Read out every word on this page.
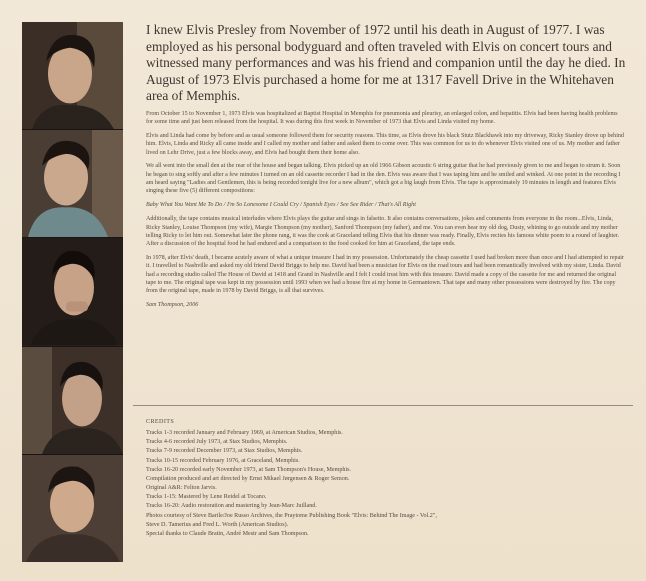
I knew Elvis Presley from November of 1972 until his death in August of 1977. I was employed as his personal bodyguard and often traveled with Elvis on concert tours and witnessed many performances and was his friend and companion until the day he died. In August of 1973 Elvis purchased a home for me at 1317 Favell Drive in the Whitehaven area of Memphis.

From October 15 to November 1, 1973 Elvis was hospitalized at Baptist Hospital in Memphis for pneumonia and pleurisy, an enlarged colon, and hepatitis. Elvis had been having health problems for some time and just been released from the hospital. It was during this first week in November of 1973 that Elvis and Linda visited my home.

Elvis and Linda had come by before and as usual someone followed them for security reasons. This time, as Elvis drove his black Stutz Blackhawk into my driveway, Ricky Stanley drove up behind him. Elvis, Linda and Ricky all came inside and I called my mother and father and asked them to come over. This was common for us to do whenever Elvis visited one of us. My mother and father lived on Lehr Drive, just a few blocks away, and Elvis had bought them their home also.

We all went into the small den at the rear of the house and began talking. Elvis picked up an old 1966 Gibson acoustic 6 string guitar that he had previously given to me and began to strum it. Soon he began to sing softly and after a few minutes I turned on an old cassette recorder I had in the den. Elvis was aware that I was taping him and he smiled and winked. At one point in the recording I am heard saying "Ladies and Gentlemen, this is being recorded tonight live for a new album", which got a big laugh from Elvis. The tape is approximately 19 minutes in length and features Elvis singing these five (5) different compositions:

Baby What You Want Me To Do / I'm So Lonesome I Could Cry / Spanish Eyes / See See Rider / That's All Right

Additionally, the tape contains musical interludes where Elvis plays the guitar and sings in falsetto. It also contains conversations, jokes and comments from everyone in the room...Elvis, Linda, Ricky Stanley, Louise Thompson (my wife), Margie Thompson (my mother), Sanford Thompson (my father), and me. You can even hear my old dog, Dusty, whining to go outside and my mother telling Ricky to let him out. Somewhat later the phone rang, it was the cook at Graceland telling Elvis that his dinner was ready. Finally, Elvis recites his famous white poem to a round of laughter. After a discussion of the hospital food he had endured and a comparison to the food cooked for him at Graceland, the tape ends.

In 1978, after Elvis' death, I became acutely aware of what a unique treasure I had in my possession. Unfortunately the cheap cassette I used had broken more than once and I had attempted to repair it. I travelled to Nashville and asked my old friend David Briggs to help me. David had been a musician for Elvis on the road tours and had been romantically involved with my sister, Linda. David had a recording studio called The House of David at 1418 and Grand in Nashville and I felt I could trust him with this treasure. David made a copy of the cassette for me and returned the original tape to me. The original tape was kept in my possession until 1993 when we had a house fire at my home in Germantown. That tape and many other possessions were destroyed by fire. The copy from the original tape, made in 1978 by David Briggs, is all that survives.

Sam Thompson, 2006

CREDITS
Tracks 1-3 recorded January and February 1969, at American Studios, Memphis.
Tracks 4-6 recorded July 1973, at Stax Studios, Memphis.
Tracks 7-9 recorded December 1973, at Stax Studios, Memphis.
Tracks 10-15 recorded February 1976, at Graceland, Memphis.
Tracks 16-20 recorded early November 1973, at Sam Thompson's House, Memphis.
Compilation produced and art directed by Ernst Mikael Jørgensen & Roger Semon.
Original A&R: Felton Jarvis.
Tracks 1-15: Mastered by Lene Reidel at Tocano.
Tracks 16-20: Audio restoration and mastering by Jean-Marc Juilland.
Photos courtesy of Steve Barile/Joe Russo Archives, the Praytome Publishing Book "Elvis: Behind The Image - Vol.2",
Steve D. Tamerius and Fred L. Worth (American Studios).
Special thanks to Claude Bratin, André Mestr and Sam Thompson.
